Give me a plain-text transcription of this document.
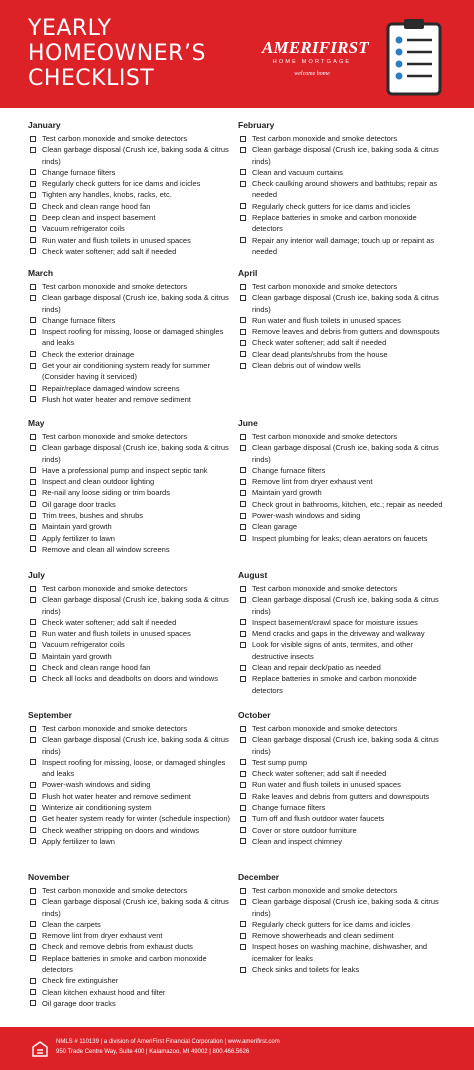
YEARLY
HOMEOWNER’S
CHECKLIST
AMERIFIRST
HOME MORTGAGE
welcome home
January
Test carbon monoxide and smoke detectors
Clean garbage disposal (Crush ice, baking soda & citrus rinds)
Change furnace filters
Regularly check gutters for ice dams and icicles
Tighten any handles, knobs, racks, etc.
Check and clean range hood fan
Deep clean and inspect basement
Vacuum refrigerator coils
Run water and flush toilets in unused spaces
Check water softener; add salt if needed
February
Test carbon monoxide and smoke detectors
Clean garbage disposal (Crush ice, baking soda & citrus rinds)
Clean and vacuum curtains
Check caulking around showers and bathtubs; repair as needed
Regularly check gutters for ice dams and icicles
Replace batteries in smoke and carbon monoxide detectors
Repair any interior wall damage; touch up or repaint as needed
March
Test carbon monoxide and smoke detectors
Clean garbage disposal (Crush ice, baking soda & citrus rinds)
Change furnace filters
Inspect roofing for missing, loose or damaged shingles and leaks
Check the exterior drainage
Get your air conditioning system ready for summer (Consider having it serviced)
Repair/replace damaged window screens
Flush hot water heater and remove sediment
April
Test carbon monoxide and smoke detectors
Clean garbage disposal (Crush ice, baking soda & citrus rinds)
Run water and flush toilets in unused spaces
Remove leaves and debris from gutters and downspouts
Check water softener; add salt if needed
Clear dead plants/shrubs from the house
Clean debris out of window wells
May
Test carbon monoxide and smoke detectors
Clean garbage disposal (Crush ice, baking soda & citrus rinds)
Have a professional pump and inspect septic tank
Inspect and clean outdoor lighting
Re-nail any loose siding or trim boards
Oil garage door tracks
Trim trees, bushes and shrubs
Maintain yard growth
Apply fertilizer to lawn
Remove and clean all window screens
June
Test carbon monoxide and smoke detectors
Clean garbage disposal (Crush ice, baking soda & citrus rinds)
Change furnace filters
Remove lint from dryer exhaust vent
Maintain yard growth
Check grout in bathrooms, kitchen, etc.; repair as needed
Power-wash windows and siding
Clean garage
Inspect plumbing for leaks; clean aerators on faucets
July
Test carbon monoxide and smoke detectors
Clean garbage disposal (Crush ice, baking soda & citrus rinds)
Check water softener; add salt if needed
Run water and flush toilets in unused spaces
Vacuum refrigerator coils
Maintain yard growth
Check and clean range hood fan
Check all locks and deadbolts on doors and windows
August
Test carbon monoxide and smoke detectors
Clean garbage disposal (Crush ice, baking soda & citrus rinds)
Inspect basement/crawl space for moisture issues
Mend cracks and gaps in the driveway and walkway
Look for visible signs of ants, termites, and other destructive insects
Clean and repair deck/patio as needed
Replace batteries in smoke and carbon monoxide detectors
September
Test carbon monoxide and smoke detectors
Clean garbage disposal (Crush ice, baking soda & citrus rinds)
Inspect roofing for missing, loose, or damaged shingles and leaks
Power-wash windows and siding
Flush hot water heater and remove sediment
Winterize air conditioning system
Get heater system ready for winter (schedule inspection)
Check weather stripping on doors and windows
Apply fertilizer to lawn
October
Test carbon monoxide and smoke detectors
Clean garbage disposal (Crush ice, baking soda & citrus rinds)
Test sump pump
Check water softener; add salt if needed
Run water and flush toilets in unused spaces
Rake leaves and debris from gutters and downspouts
Change furnace filters
Turn off and flush outdoor water faucets
Cover or store outdoor furniture
Clean and inspect chimney
November
Test carbon monoxide and smoke detectors
Clean garbage disposal (Crush ice, baking soda & citrus rinds)
Clean the carpets
Remove lint from dryer exhaust vent
Check and remove debris from exhaust ducts
Replace batteries in smoke and carbon monoxide detectors
Check fire extinguisher
Clean kitchen exhaust hood and filter
Oil garage door tracks
December
Test carbon monoxide and smoke detectors
Clean garbage disposal (Crush ice, baking soda & citrus rinds)
Regularly check gutters for ice dams and icicles
Remove showerheads and clean sediment
Inspect hoses on washing machine, dishwasher, and icemaker for leaks
Check sinks and toilets for leaks
NMLS # 110139 | a division of AmeriFirst Financial Corporation | www.amerifirst.com
950 Trade Centre Way, Suite 400 | Kalamazoo, MI 49002 | 800.466.5626
